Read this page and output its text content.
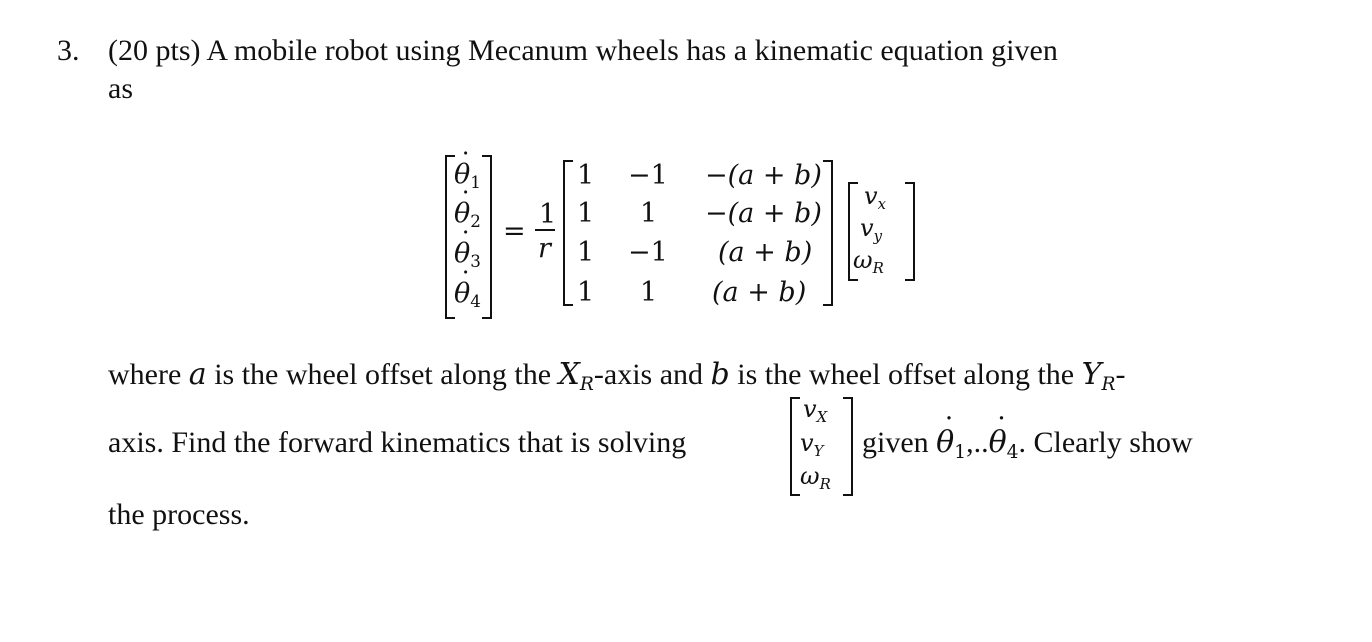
3. (20 pts) A mobile robot using Mecanum wheels has a kinematic equation given
as
˙ θ1
˙ θ2
˙ θ3
˙ θ4
=
1
r
1 −1 −(a + b)
1 1 −(a + b)
1 −1 (a + b)
1 1 (a + b)
vx
vy
ωR
where a is the wheel offset along the XR-axis and b is the wheel offset along the YR-
axis. Find the forward kinematics that is solving
vX
vY
ωR
given ˙ θ1,..˙ θ4. Clearly show
the process.
